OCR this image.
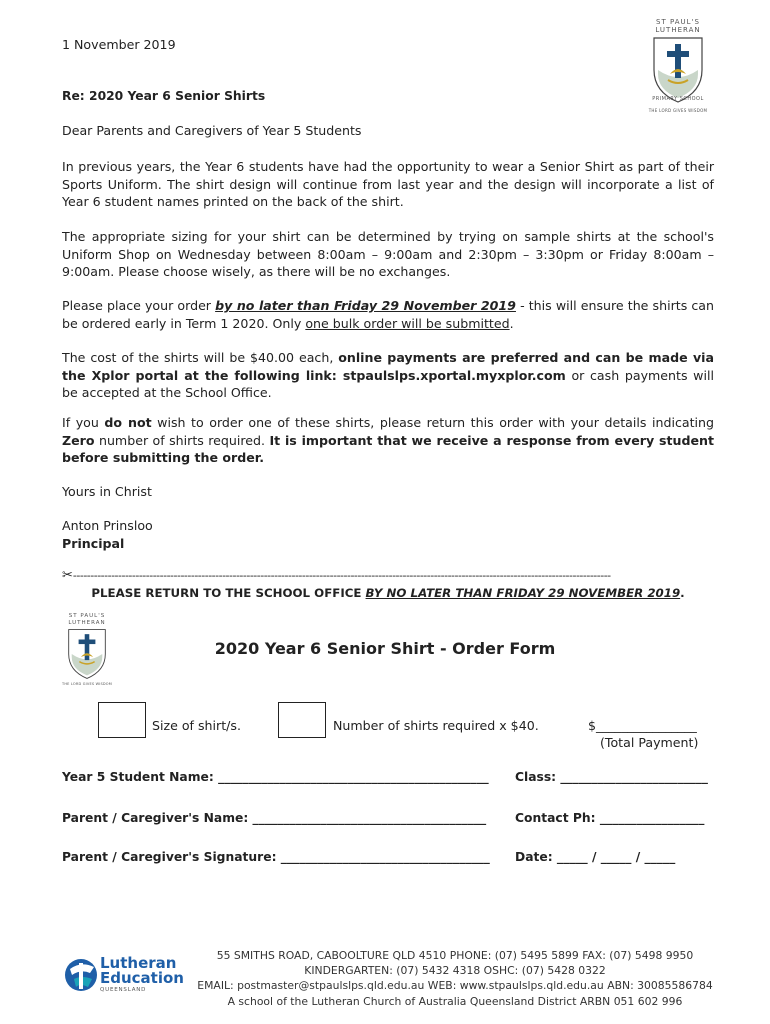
1 November 2019
ST PAUL'S
LUTHERAN
PRIMARY SCHOOL
THE LORD GIVES WISDOM
Re: 2020 Year 6 Senior Shirts
Dear Parents and Caregivers of Year 5 Students

In previous years, the Year 6 students have had the opportunity to wear a Senior Shirt as part of their Sports Uniform. The shirt design will continue from last year and the design will incorporate a list of Year 6 student names printed on the back of the shirt.

The appropriate sizing for your shirt can be determined by trying on sample shirts at the school's Uniform Shop on Wednesday between 8:00am – 9:00am and 2:30pm – 3:30pm or Friday 8:00am – 9:00am. Please choose wisely, as there will be no exchanges.

Please place your order by no later than Friday 29 November 2019 - this will ensure the shirts can be ordered early in Term 1 2020. Only one bulk order will be submitted.

The cost of the shirts will be $40.00 each, online payments are preferred and can be made via the Xplor portal at the following link: stpaulslps.xportal.myxplor.com or cash payments will be accepted at the School Office.

If you do not wish to order one of these shirts, please return this order with your details indicating Zero number of shirts required. It is important that we receive a response from every student before submitting the order.

Yours in Christ
Anton Prinsloo
Principal
✂-----------------------------------------------------------------------------------------------------------------------------------------------------------
PLEASE RETURN TO THE SCHOOL OFFICE BY NO LATER THAN FRIDAY 29 NOVEMBER 2019.
ST PAUL'S
LUTHERAN
THE LORD GIVES WISDOM
2020 Year 6 Senior Shirt - Order Form
Size of shirt/s.	Number of shirts required x $40.	$________________
(Total Payment)
Year 5 Student Name: ____________________________________________ Class: ________________________
Parent / Caregiver's Name: ______________________________________ Contact Ph: _________________
Parent / Caregiver's Signature: __________________________________ Date: _____ / _____ / _____
Lutheran
Education
QUEENSLAND
55 SMITHS ROAD, CABOOLTURE QLD 4510 PHONE: (07) 5495 5899 FAX: (07) 5498 9950
KINDERGARTEN: (07) 5432 4318 OSHC: (07) 5428 0322
EMAIL: postmaster@stpaulslps.qld.edu.au WEB: www.stpaulslps.qld.edu.au ABN: 30085586784
A school of the Lutheran Church of Australia Queensland District ARBN 051 602 996
